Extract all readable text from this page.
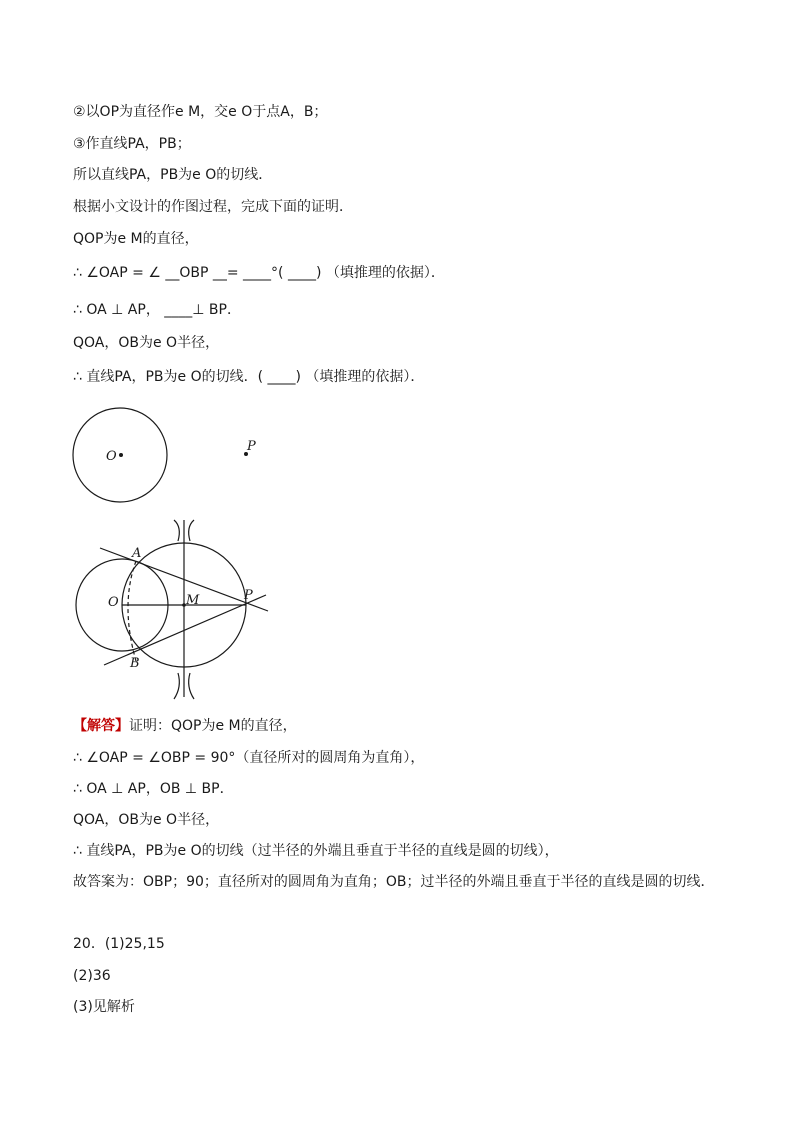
②以OP为直径作e M，交e O于点A，B；
③作直线PA，PB；
所以直线PA，PB为e O的切线．
根据小文设计的作图过程，完成下面的证明．
QOP为e M的直径，
∴ ∠OAP = ∠ __OBP __= ____°( ____) （填推理的依据）．
∴ OA ⊥ AP， ____⊥ BP．
QOA，OB为e O半径，
∴ 直线PA，PB为e O的切线．( ____) （填推理的依据）．
O
P
A
B
O	M	P
【解答】证明：QOP为e M的直径，
∴ ∠OAP = ∠OBP = 90°（直径所对的圆周角为直角），
∴ OA ⊥ AP，OB ⊥ BP．
QOA，OB为e O半径，
∴ 直线PA，PB为e O的切线（过半径的外端且垂直于半径的直线是圆的切线），
故答案为：OBP；90；直径所对的圆周角为直角；OB；过半径的外端且垂直于半径的直线是圆的切线．
20．(1)25,15
(2)36
(3)见解析
